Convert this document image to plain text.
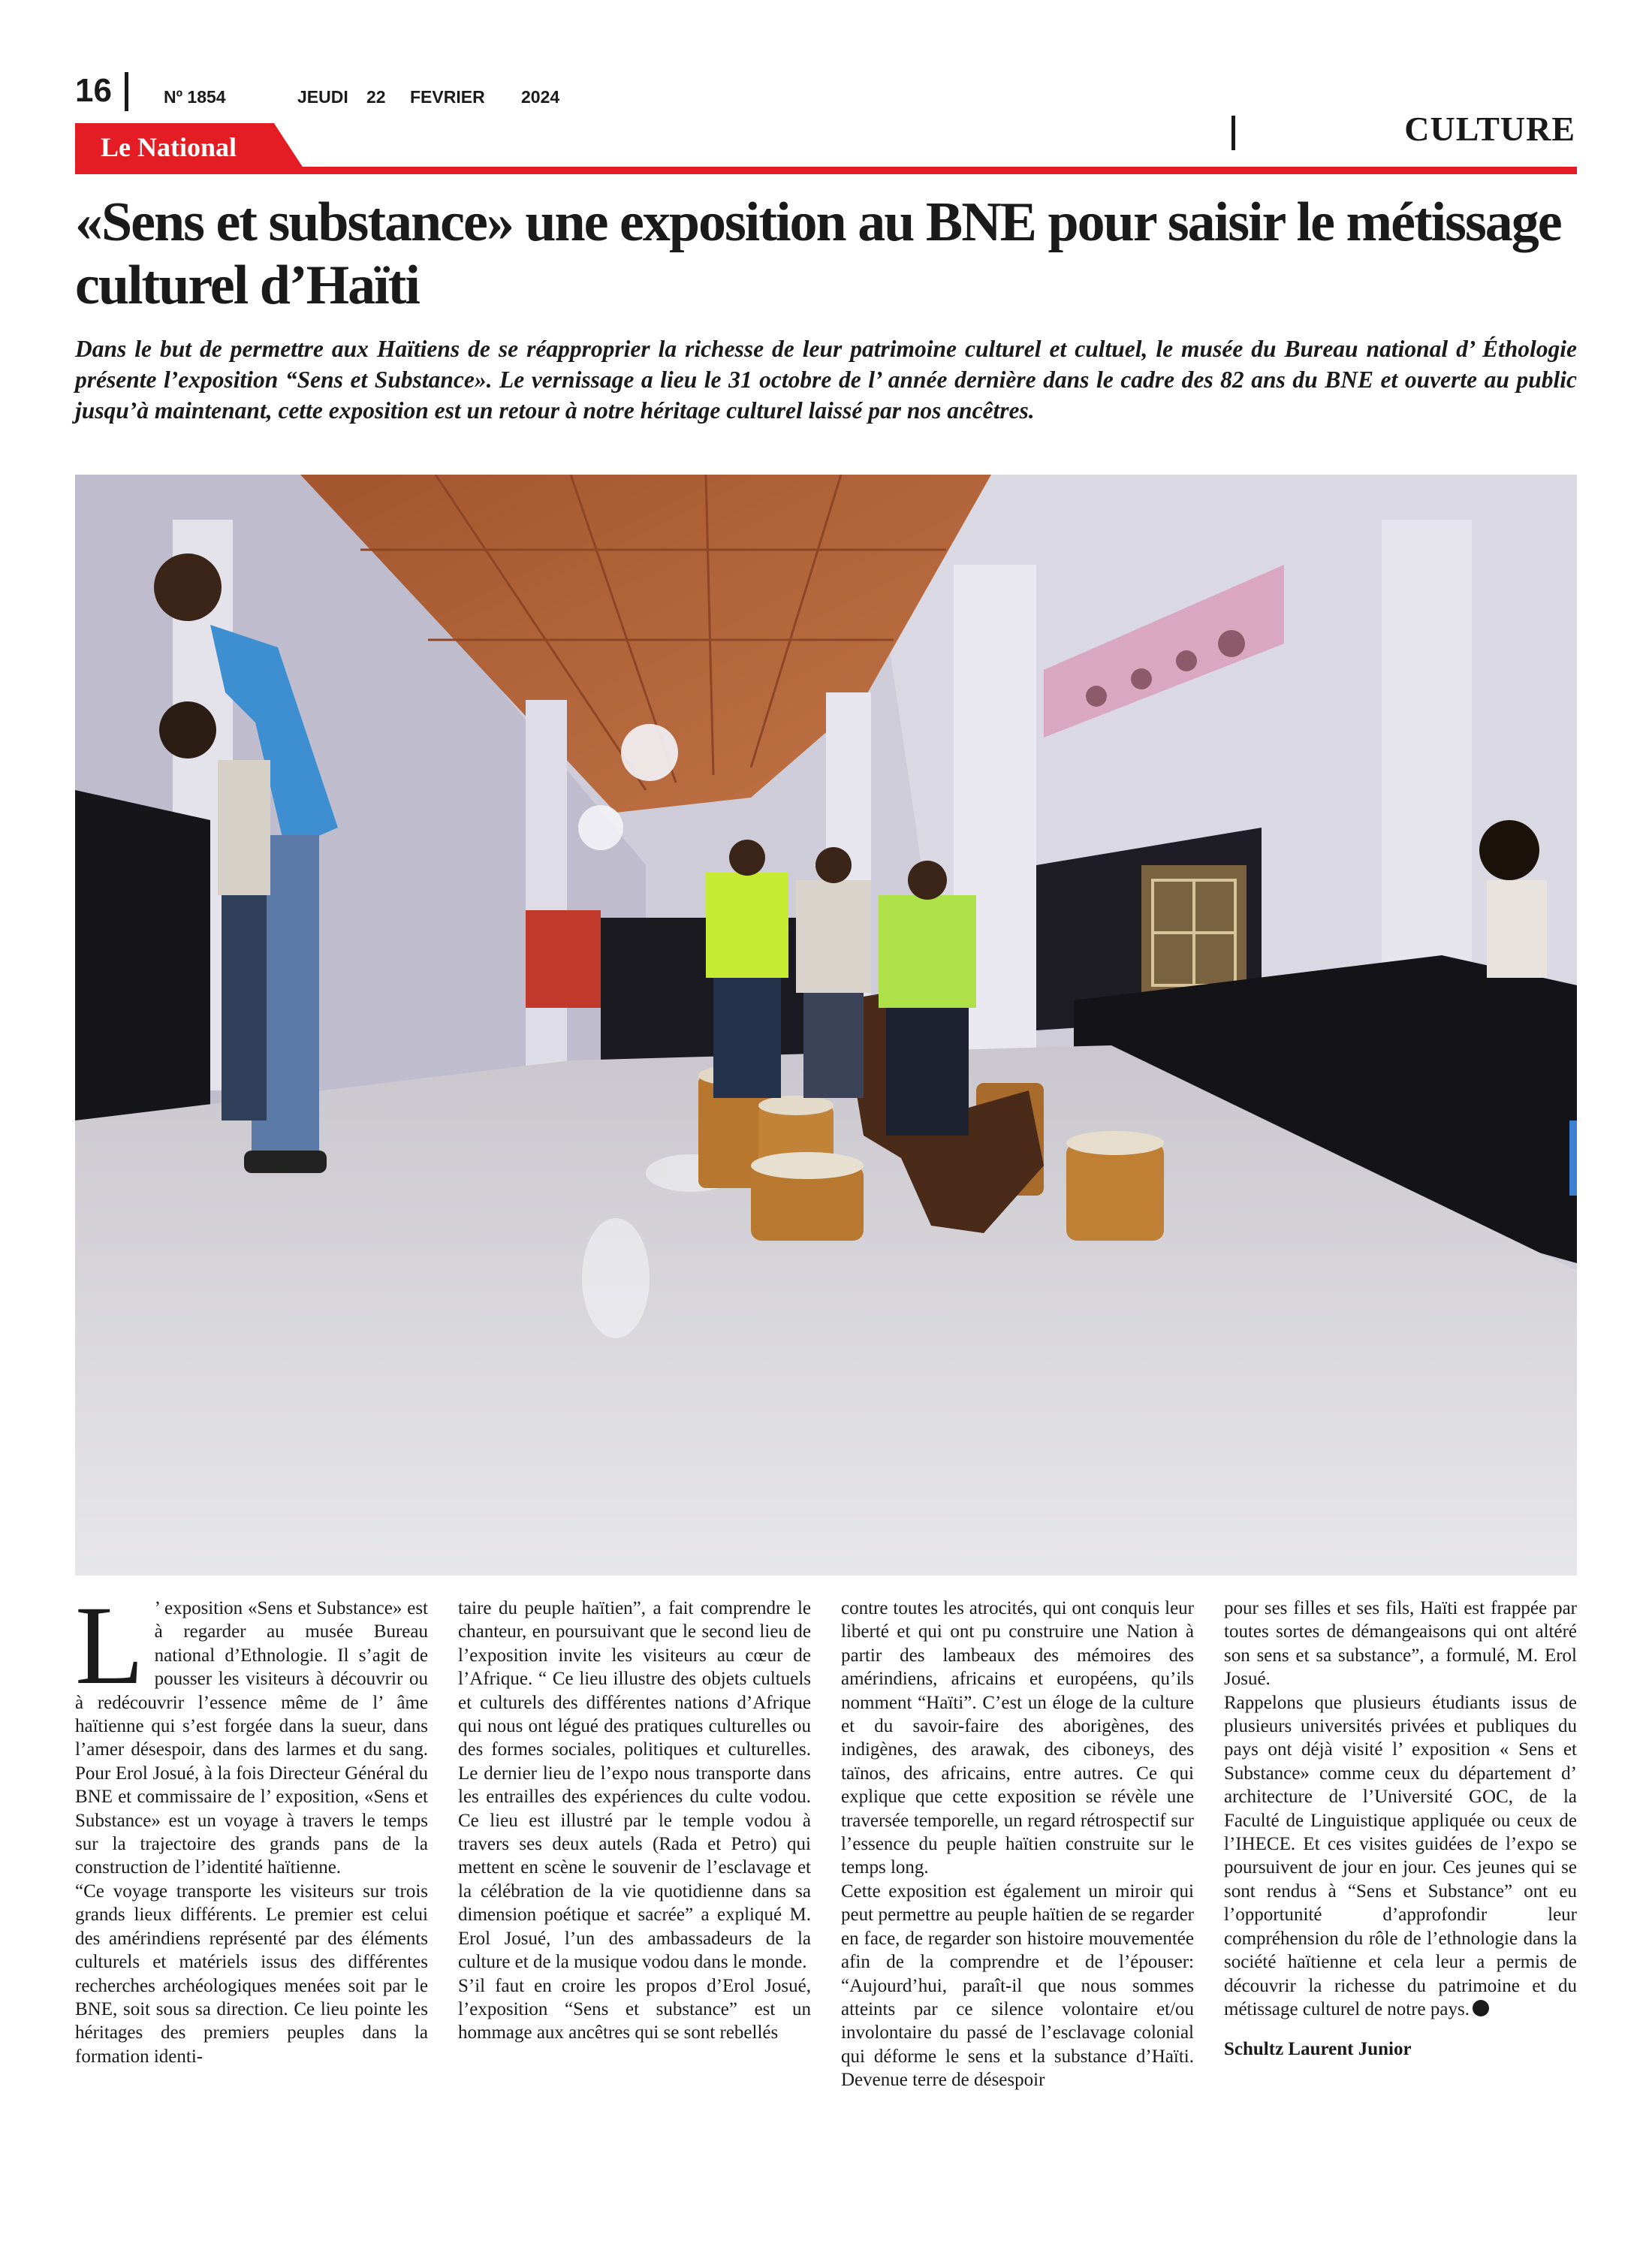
16	Nº 1854	JEUDI 22 FEVRIER 2024
CULTURE
Le National
«Sens et substance» une exposition au BNE pour saisir le métissage culturel d’Haïti

Dans le but de permettre aux Haïtiens de se réapproprier la richesse de leur patrimoine culturel et cultuel, le musée du Bureau national d’ Éthologie présente l’exposition “Sens et Substance». Le vernissage a lieu le 31 octobre de l’ année dernière dans le cadre des 82 ans du BNE et ouverte au public jusqu’à maintenant, cette exposition est un retour à notre héritage culturel laissé par nos ancêtres.

L ’ exposition «Sens et Substance» est à regarder au musée Bureau national d’Ethnologie. Il s’agit de pousser les visiteurs à découvrir ou à redécouvrir l’essence même de l’ âme haïtienne qui s’est forgée dans la sueur, dans l’amer désespoir, dans des larmes et du sang. Pour Erol Josué, à la fois Directeur Général du BNE et commissaire de l’ exposition, «Sens et Substance» est un voyage à travers le temps sur la trajectoire des grands pans de la construction de l’identité haïtienne.

“Ce voyage transporte les visiteurs sur trois grands lieux différents. Le premier est celui des amérindiens représenté par des éléments culturels et matériels issus des différentes recherches archéologiques menées soit par le BNE, soit sous sa direction. Ce lieu pointe les héritages des premiers peuples dans la formation identi-

taire du peuple haïtien”, a fait comprendre le chanteur, en poursuivant que le second lieu de l’exposition invite les visiteurs au cœur de l’Afrique. “ Ce lieu illustre des objets cultuels et culturels des différentes nations d’Afrique qui nous ont légué des pratiques culturelles ou des formes sociales, politiques et culturelles. Le dernier lieu de l’expo nous transporte dans les entrailles des expériences du culte vodou. Ce lieu est illustré par le temple vodou à travers ses deux autels (Rada et Petro) qui mettent en scène le souvenir de l’esclavage et la célébration de la vie quotidienne dans sa dimension poétique et sacrée” a expliqué M. Erol Josué, l’un des ambassadeurs de la culture et de la musique vodou dans le monde.

S’il faut en croire les propos d’Erol Josué, l’exposition “Sens et substance” est un hommage aux ancêtres qui se sont rebellés

contre toutes les atrocités, qui ont conquis leur liberté et qui ont pu construire une Nation à partir des lambeaux des mémoires des amérindiens, africains et européens, qu’ils nomment “Haïti”. C’est un éloge de la culture et du savoir-faire des aborigènes, des indigènes, des arawak, des ciboneys, des taïnos, des africains, entre autres. Ce qui explique que cette exposition se révèle une traversée temporelle, un regard rétrospectif sur l’essence du peuple haïtien construite sur le temps long.

Cette exposition est également un miroir qui peut permettre au peuple haïtien de se regarder en face, de regarder son histoire mouvementée afin de la comprendre et de l’épouser: “Aujourd’hui, paraît-il que nous sommes atteints par ce silence volontaire et/ou involontaire du passé de l’esclavage colonial qui déforme le sens et la substance d’Haïti. Devenue terre de désespoir

pour ses filles et ses fils, Haïti est frappée par toutes sortes de démangeaisons qui ont altéré son sens et sa substance”, a formulé, M. Erol Josué.

Rappelons que plusieurs étudiants issus de plusieurs universités privées et publiques du pays ont déjà visité l’ exposition « Sens et Substance» comme ceux du département d’ architecture de l’Université GOC, de la Faculté de Linguistique appliquée ou ceux de l’IHECE. Et ces visites guidées de l’expo se poursuivent de jour en jour. Ces jeunes qui se sont rendus à “Sens et Substance” ont eu l’opportunité d’approfondir leur compréhension du rôle de l’ethnologie dans la société haïtienne et cela leur a permis de découvrir la richesse du patrimoine et du métissage culturel de notre pays.

Schultz Laurent Junior
